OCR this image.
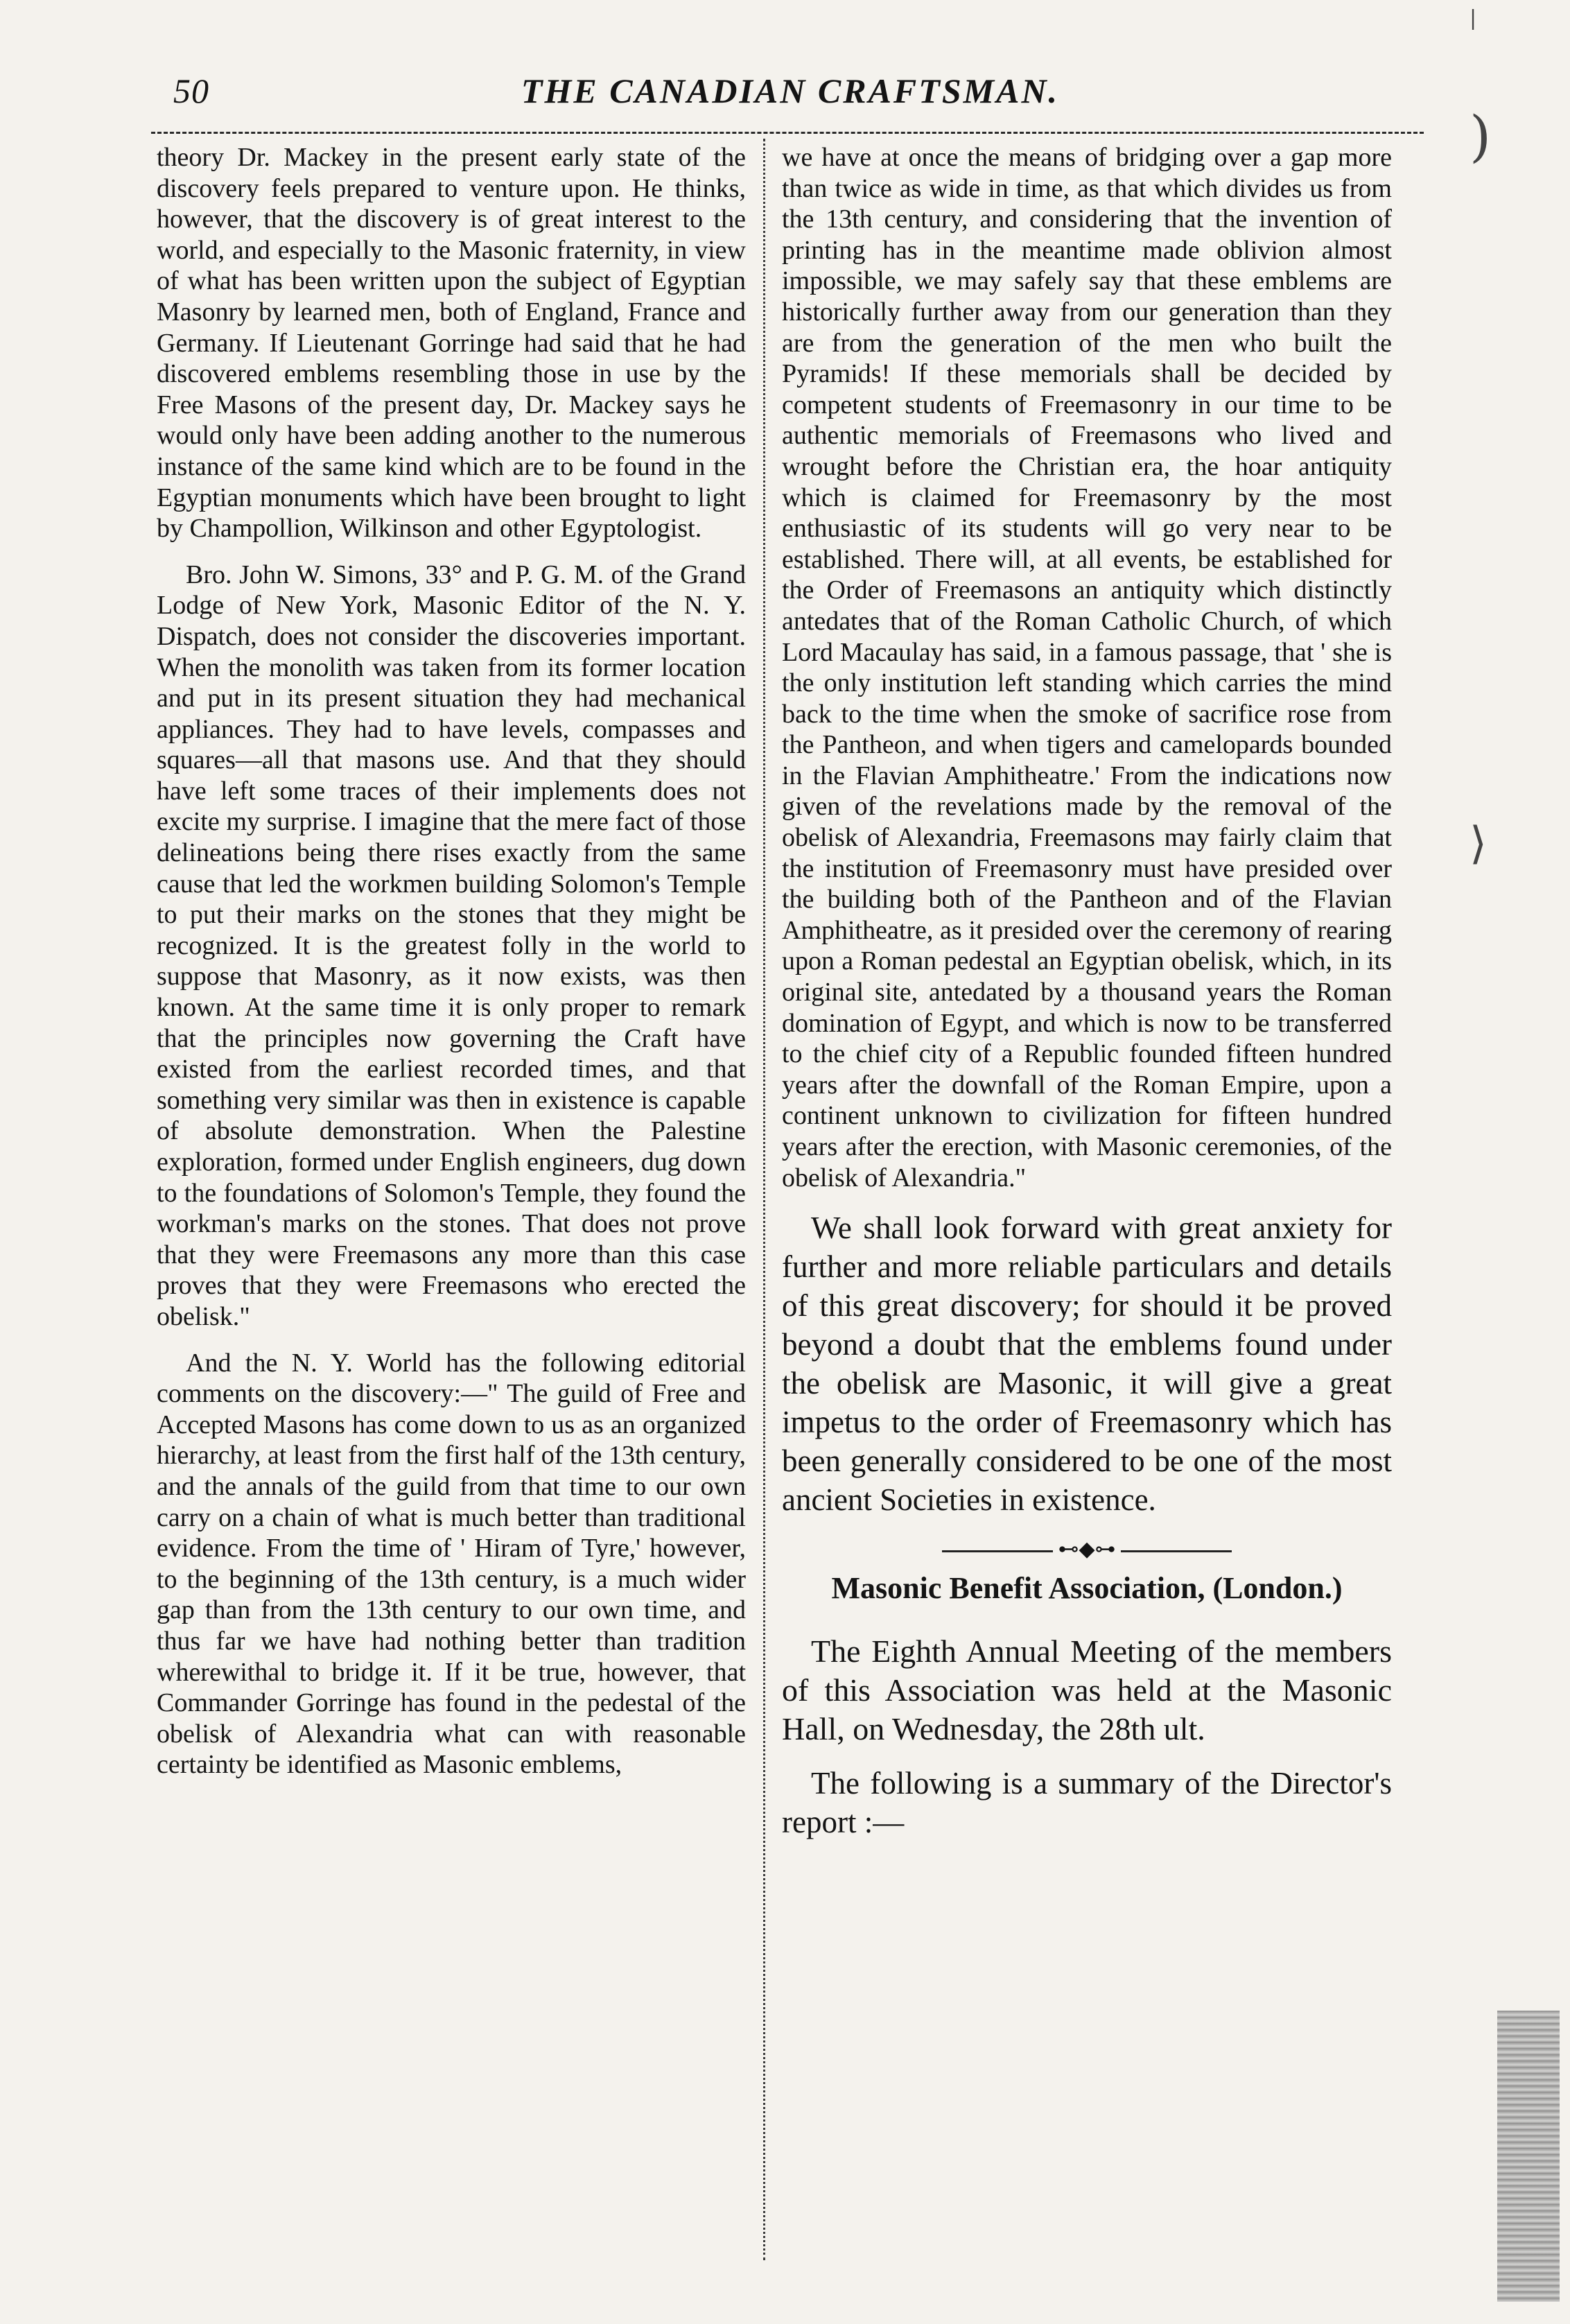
50	THE CANADIAN CRAFTSMAN.

theory Dr. Mackey in the present early state of the discovery feels prepared to venture upon. He thinks, however, that the discovery is of great interest to the world, and especially to the Masonic fraternity, in view of what has been written upon the subject of Egyptian Masonry by learned men, both of England, France and Germany. If Lieutenant Gorringe had said that he had discovered emblems resembling those in use by the Free Masons of the present day, Dr. Mackey says he would only have been adding another to the numerous instance of the same kind which are to be found in the Egyptian monuments which have been brought to light by Champollion, Wilkinson and other Egyptologist.

Bro. John W. Simons, 33° and P. G. M. of the Grand Lodge of New York, Masonic Editor of the N. Y. Dispatch, does not consider the discoveries important. When the monolith was taken from its former location and put in its present situation they had mechanical appliances. They had to have levels, compasses and squares—all that masons use. And that they should have left some traces of their implements does not excite my surprise. I imagine that the mere fact of those delineations being there rises exactly from the same cause that led the workmen building Solomon's Temple to put their marks on the stones that they might be recognized. It is the greatest folly in the world to suppose that Masonry, as it now exists, was then known. At the same time it is only proper to remark that the principles now governing the Craft have existed from the earliest recorded times, and that something very similar was then in existence is capable of absolute demonstration. When the Palestine exploration, formed under English engineers, dug down to the foundations of Solomon's Temple, they found the workman's marks on the stones. That does not prove that they were Freemasons any more than this case proves that they were Freemasons who erected the obelisk."

And the N. Y. World has the following editorial comments on the discovery:—" The guild of Free and Accepted Masons has come down to us as an organized hierarchy, at least from the first half of the 13th century, and the annals of the guild from that time to our own carry on a chain of what is much better than traditional evidence. From the time of ' Hiram of Tyre,' however, to the beginning of the 13th century, is a much wider gap than from the 13th century to our own time, and thus far we have had nothing better than tradition wherewithal to bridge it. If it be true, however, that Commander Gorringe has found in the pedestal of the obelisk of Alexandria what can with reasonable certainty be identified as Masonic emblems,

we have at once the means of bridging over a gap more than twice as wide in time, as that which divides us from the 13th century, and considering that the invention of printing has in the meantime made oblivion almost impossible, we may safely say that these emblems are historically further away from our generation than they are from the generation of the men who built the Pyramids! If these memorials shall be decided by competent students of Freemasonry in our time to be authentic memorials of Freemasons who lived and wrought before the Christian era, the hoar antiquity which is claimed for Freemasonry by the most enthusiastic of its students will go very near to be established. There will, at all events, be established for the Order of Freemasons an antiquity which distinctly antedates that of the Roman Catholic Church, of which Lord Macaulay has said, in a famous passage, that ' she is the only institution left standing which carries the mind back to the time when the smoke of sacrifice rose from the Pantheon, and when tigers and camelopards bounded in the Flavian Amphitheatre.' From the indications now given of the revelations made by the removal of the obelisk of Alexandria, Freemasons may fairly claim that the institution of Freemasonry must have presided over the building both of the Pantheon and of the Flavian Amphitheatre, as it presided over the ceremony of rearing upon a Roman pedestal an Egyptian obelisk, which, in its original site, antedated by a thousand years the Roman domination of Egypt, and which is now to be transferred to the chief city of a Republic founded fifteen hundred years after the downfall of the Roman Empire, upon a continent unknown to civilization for fifteen hundred years after the erection, with Masonic ceremonies, of the obelisk of Alexandria."

We shall look forward with great anxiety for further and more reliable particulars and details of this great discovery; for should it be proved beyond a doubt that the emblems found under the obelisk are Masonic, it will give a great impetus to the order of Freemasonry which has been generally considered to be one of the most ancient Societies in existence.

⊷◆⊶
Masonic Benefit Association, (London.)

The Eighth Annual Meeting of the members of this Association was held at the Masonic Hall, on Wednesday, the 28th ult.

The following is a summary of the Director's report :—

|
)
⟩
